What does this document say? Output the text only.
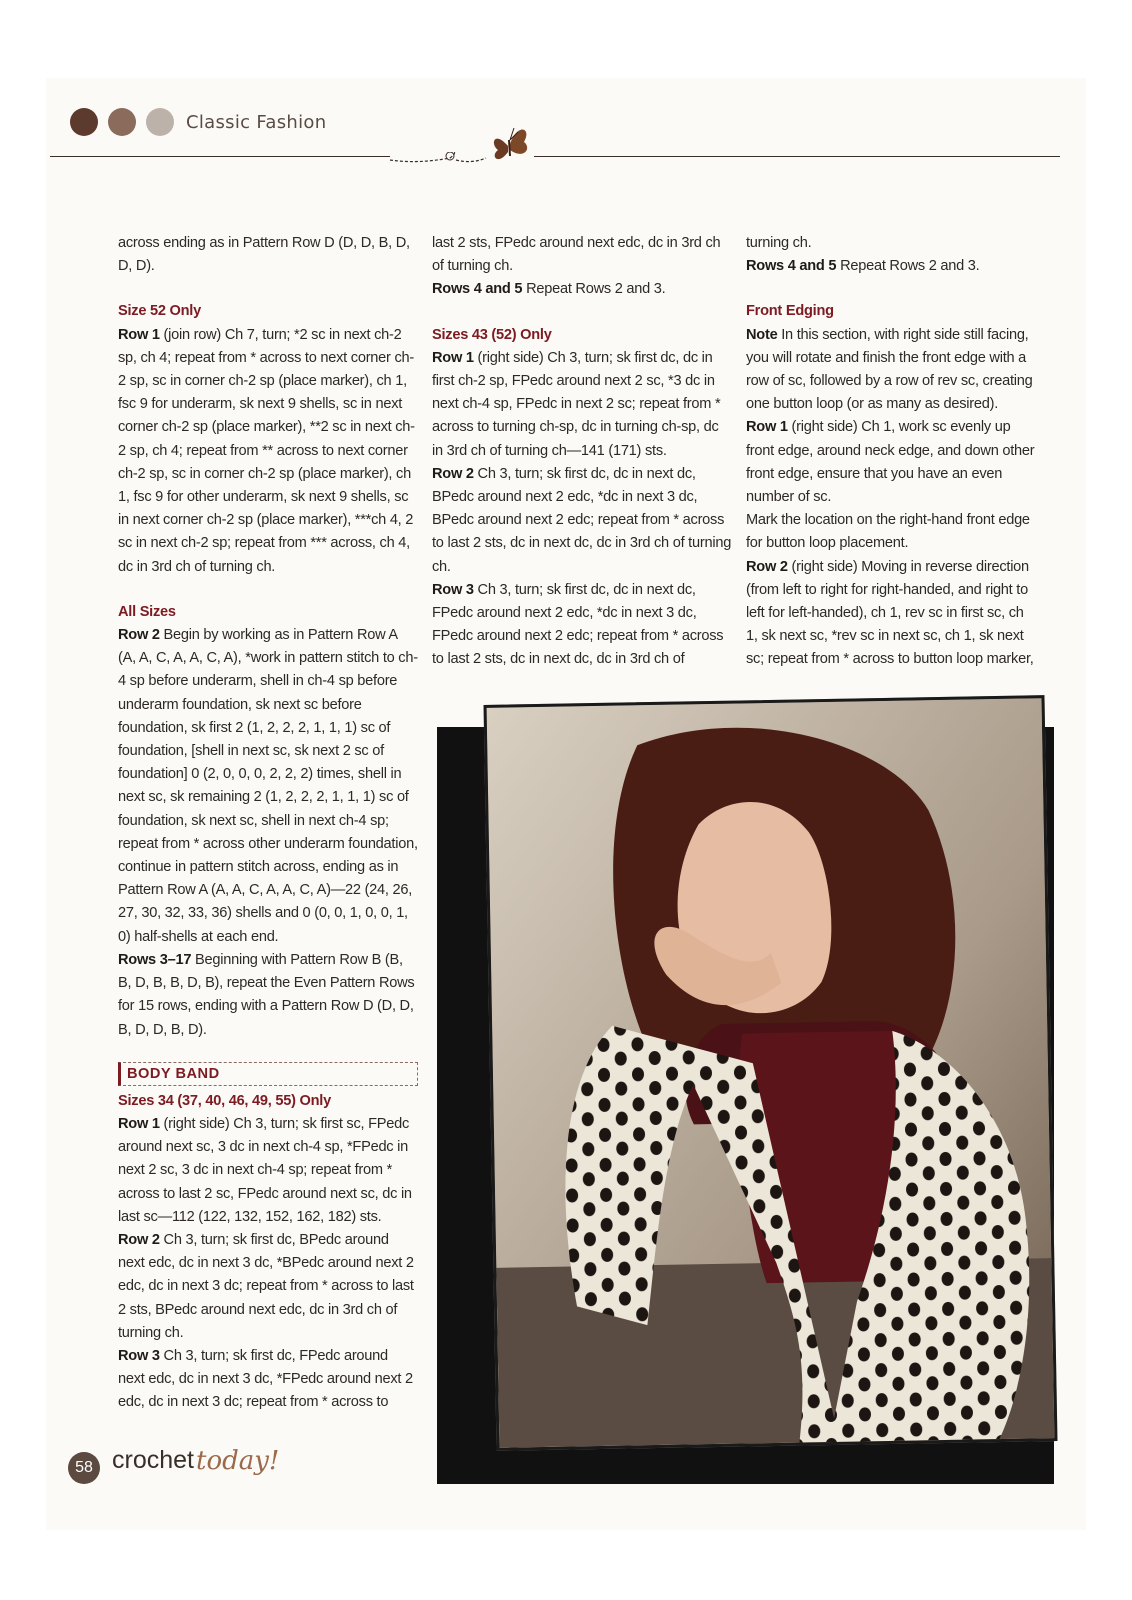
Classic Fashion

across ending as in Pattern Row D (D, D, B, D, D, D).

Size 52 Only
Row 1 (join row) Ch 7, turn; *2 sc in next ch-2 sp, ch 4; repeat from * across to next corner ch-2 sp, sc in corner ch-2 sp (place marker), ch 1, fsc 9 for underarm, sk next 9 shells, sc in next corner ch-2 sp (place marker), **2 sc in next ch-2 sp, ch 4; repeat from ** across to next corner ch-2 sp, sc in corner ch-2 sp (place marker), ch 1, fsc 9 for other underarm, sk next 9 shells, sc in next corner ch-2 sp (place marker), ***ch 4, 2 sc in next ch-2 sp; repeat from *** across, ch 4, dc in 3rd ch of turning ch.

All Sizes
Row 2 Begin by working as in Pattern Row A (A, A, C, A, A, C, A), *work in pattern stitch to ch-4 sp before underarm, shell in ch-4 sp before underarm foundation, sk next sc before foundation, sk first 2 (1, 2, 2, 2, 1, 1, 1) sc of foundation, [shell in next sc, sk next 2 sc of foundation] 0 (2, 0, 0, 0, 2, 2, 2) times, shell in next sc, sk remaining 2 (1, 2, 2, 2, 1, 1, 1) sc of foundation, sk next sc, shell in next ch-4 sp; repeat from * across other underarm foundation, continue in pattern stitch across, ending as in Pattern Row A (A, A, C, A, A, C, A)—22 (24, 26, 27, 30, 32, 33, 36) shells and 0 (0, 0, 1, 0, 0, 1, 0) half-shells at each end.

Rows 3–17 Beginning with Pattern Row B (B, B, D, B, B, D, B), repeat the Even Pattern Rows for 15 rows, ending with a Pattern Row D (D, D, B, D, D, B, D).

BODY BAND

Sizes 34 (37, 40, 46, 49, 55) Only
Row 1 (right side) Ch 3, turn; sk first sc, FPedc around next sc, 3 dc in next ch-4 sp, *FPedc in next 2 sc, 3 dc in next ch-4 sp; repeat from * across to last 2 sc, FPedc around next sc, dc in last sc—112 (122, 132, 152, 162, 182) sts.

Row 2 Ch 3, turn; sk first dc, BPedc around next edc, dc in next 3 dc, *BPedc around next 2 edc, dc in next 3 dc; repeat from * across to last 2 sts, BPedc around next edc, dc in 3rd ch of turning ch.

Row 3 Ch 3, turn; sk first dc, FPedc around next edc, dc in next 3 dc, *FPedc around next 2 edc, dc in next 3 dc; repeat from * across to

last 2 sts, FPedc around next edc, dc in 3rd ch of turning ch.

Rows 4 and 5 Repeat Rows 2 and 3.

Sizes 43 (52) Only
Row 1 (right side) Ch 3, turn; sk first dc, dc in first ch-2 sp, FPedc around next 2 sc, *3 dc in next ch-4 sp, FPedc in next 2 sc; repeat from * across to turning ch-sp, dc in turning ch-sp, dc in 3rd ch of turning ch—141 (171) sts.

Row 2 Ch 3, turn; sk first dc, dc in next dc, BPedc around next 2 edc, *dc in next 3 dc, BPedc around next 2 edc; repeat from * across to last 2 sts, dc in next dc, dc in 3rd ch of turning ch.

Row 3 Ch 3, turn; sk first dc, dc in next dc, FPedc around next 2 edc, *dc in next 3 dc, FPedc around next 2 edc; repeat from * across to last 2 sts, dc in next dc, dc in 3rd ch of

turning ch.

Rows 4 and 5 Repeat Rows 2 and 3.

Front Edging
Note In this section, with right side still facing, you will rotate and finish the front edge with a row of sc, followed by a row of rev sc, creating one button loop (or as many as desired).

Row 1 (right side) Ch 1, work sc evenly up front edge, around neck edge, and down other front edge, ensure that you have an even number of sc.

Mark the location on the right-hand front edge for button loop placement.

Row 2 (right side) Moving in reverse direction (from left to right for right-handed, and right to left for left-handed), ch 1, rev sc in first sc, ch 1, sk next sc, *rev sc in next sc, ch 1, sk next sc; repeat from * across to button loop marker,

58 crochet today!
